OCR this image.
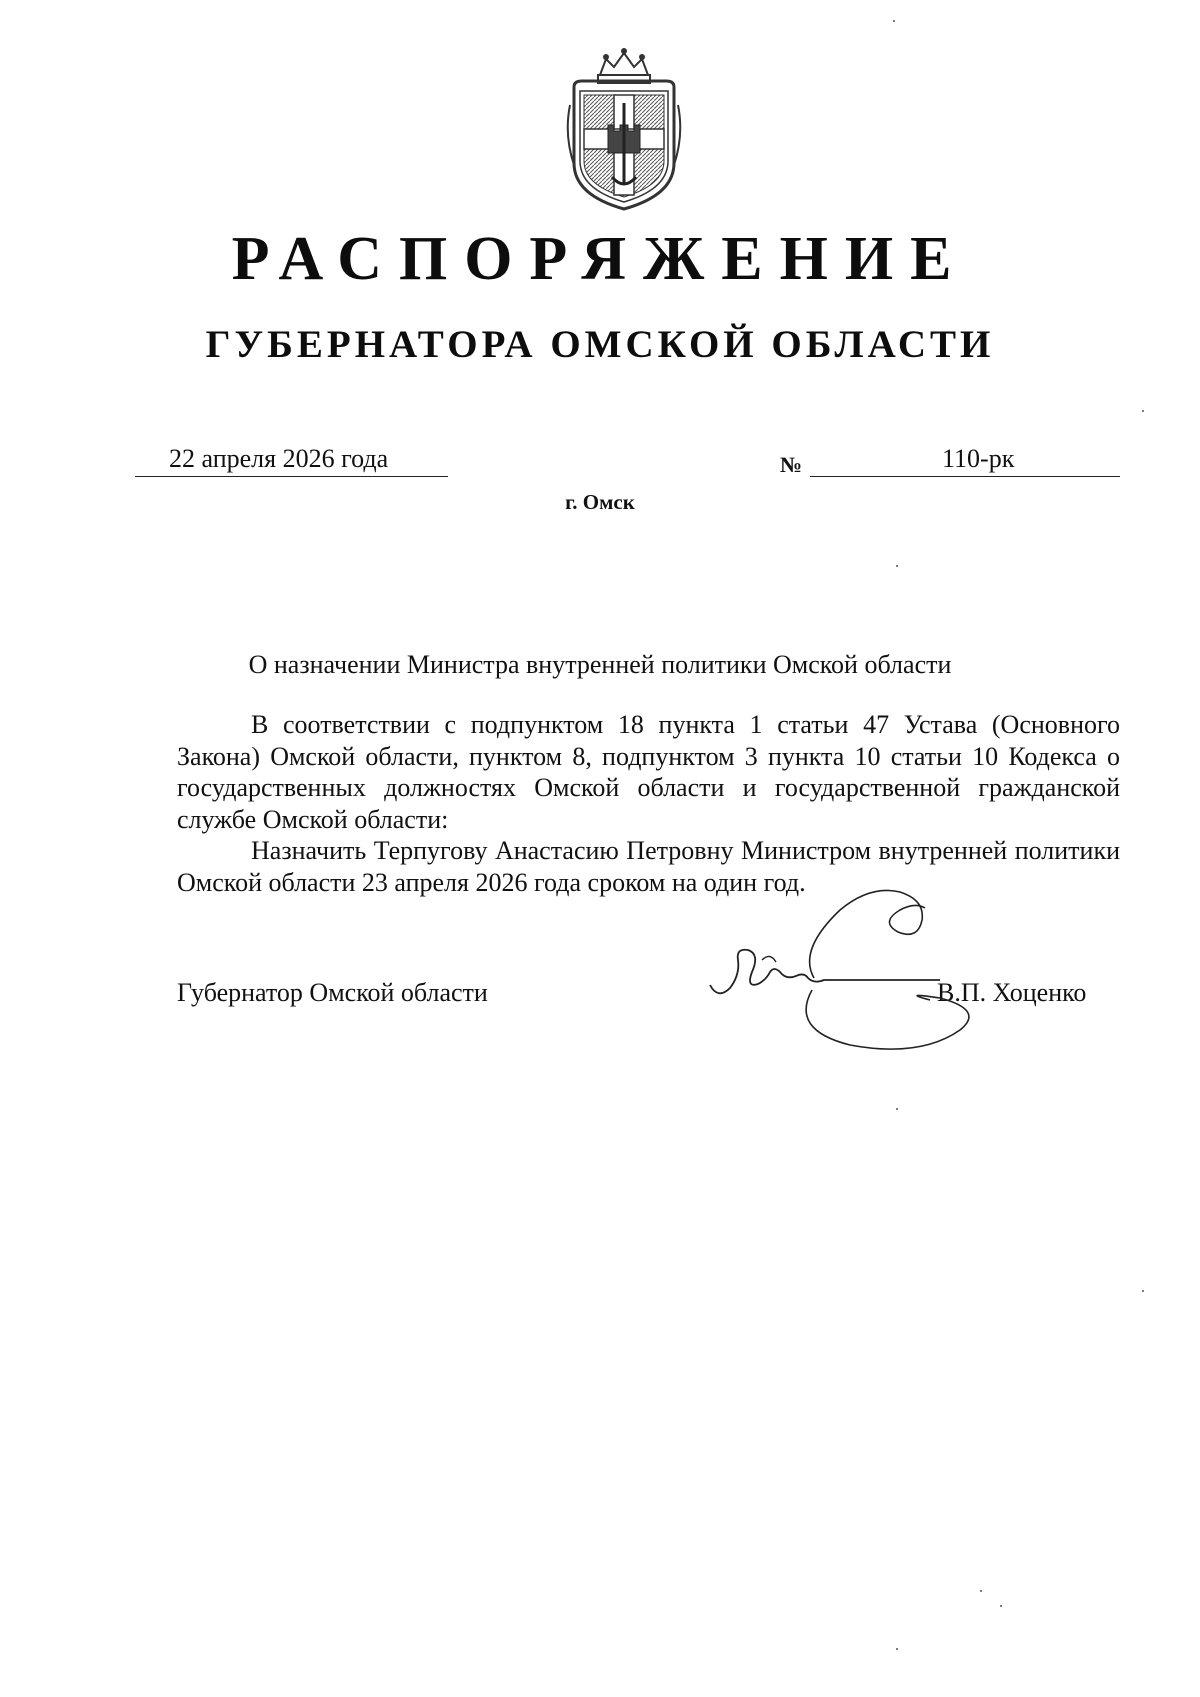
РАСПОРЯЖЕНИЕ
ГУБЕРНАТОРА ОМСКОЙ ОБЛАСТИ
22 апреля 2026 года	№	110-рк
г. Омск
О назначении Министра внутренней политики Омской области

В соответствии с подпунктом 18 пункта 1 статьи 47 Устава (Основного Закона) Омской области, пунктом 8, подпунктом 3 пункта 10 статьи 10 Кодекса о государственных должностях Омской области и государственной гражданской службе Омской области:

Назначить Терпугову Анастасию Петровну Министром внутренней политики Омской области 23 апреля 2026 года сроком на один год.

Губернатор Омской области	В.П. Хоценко
